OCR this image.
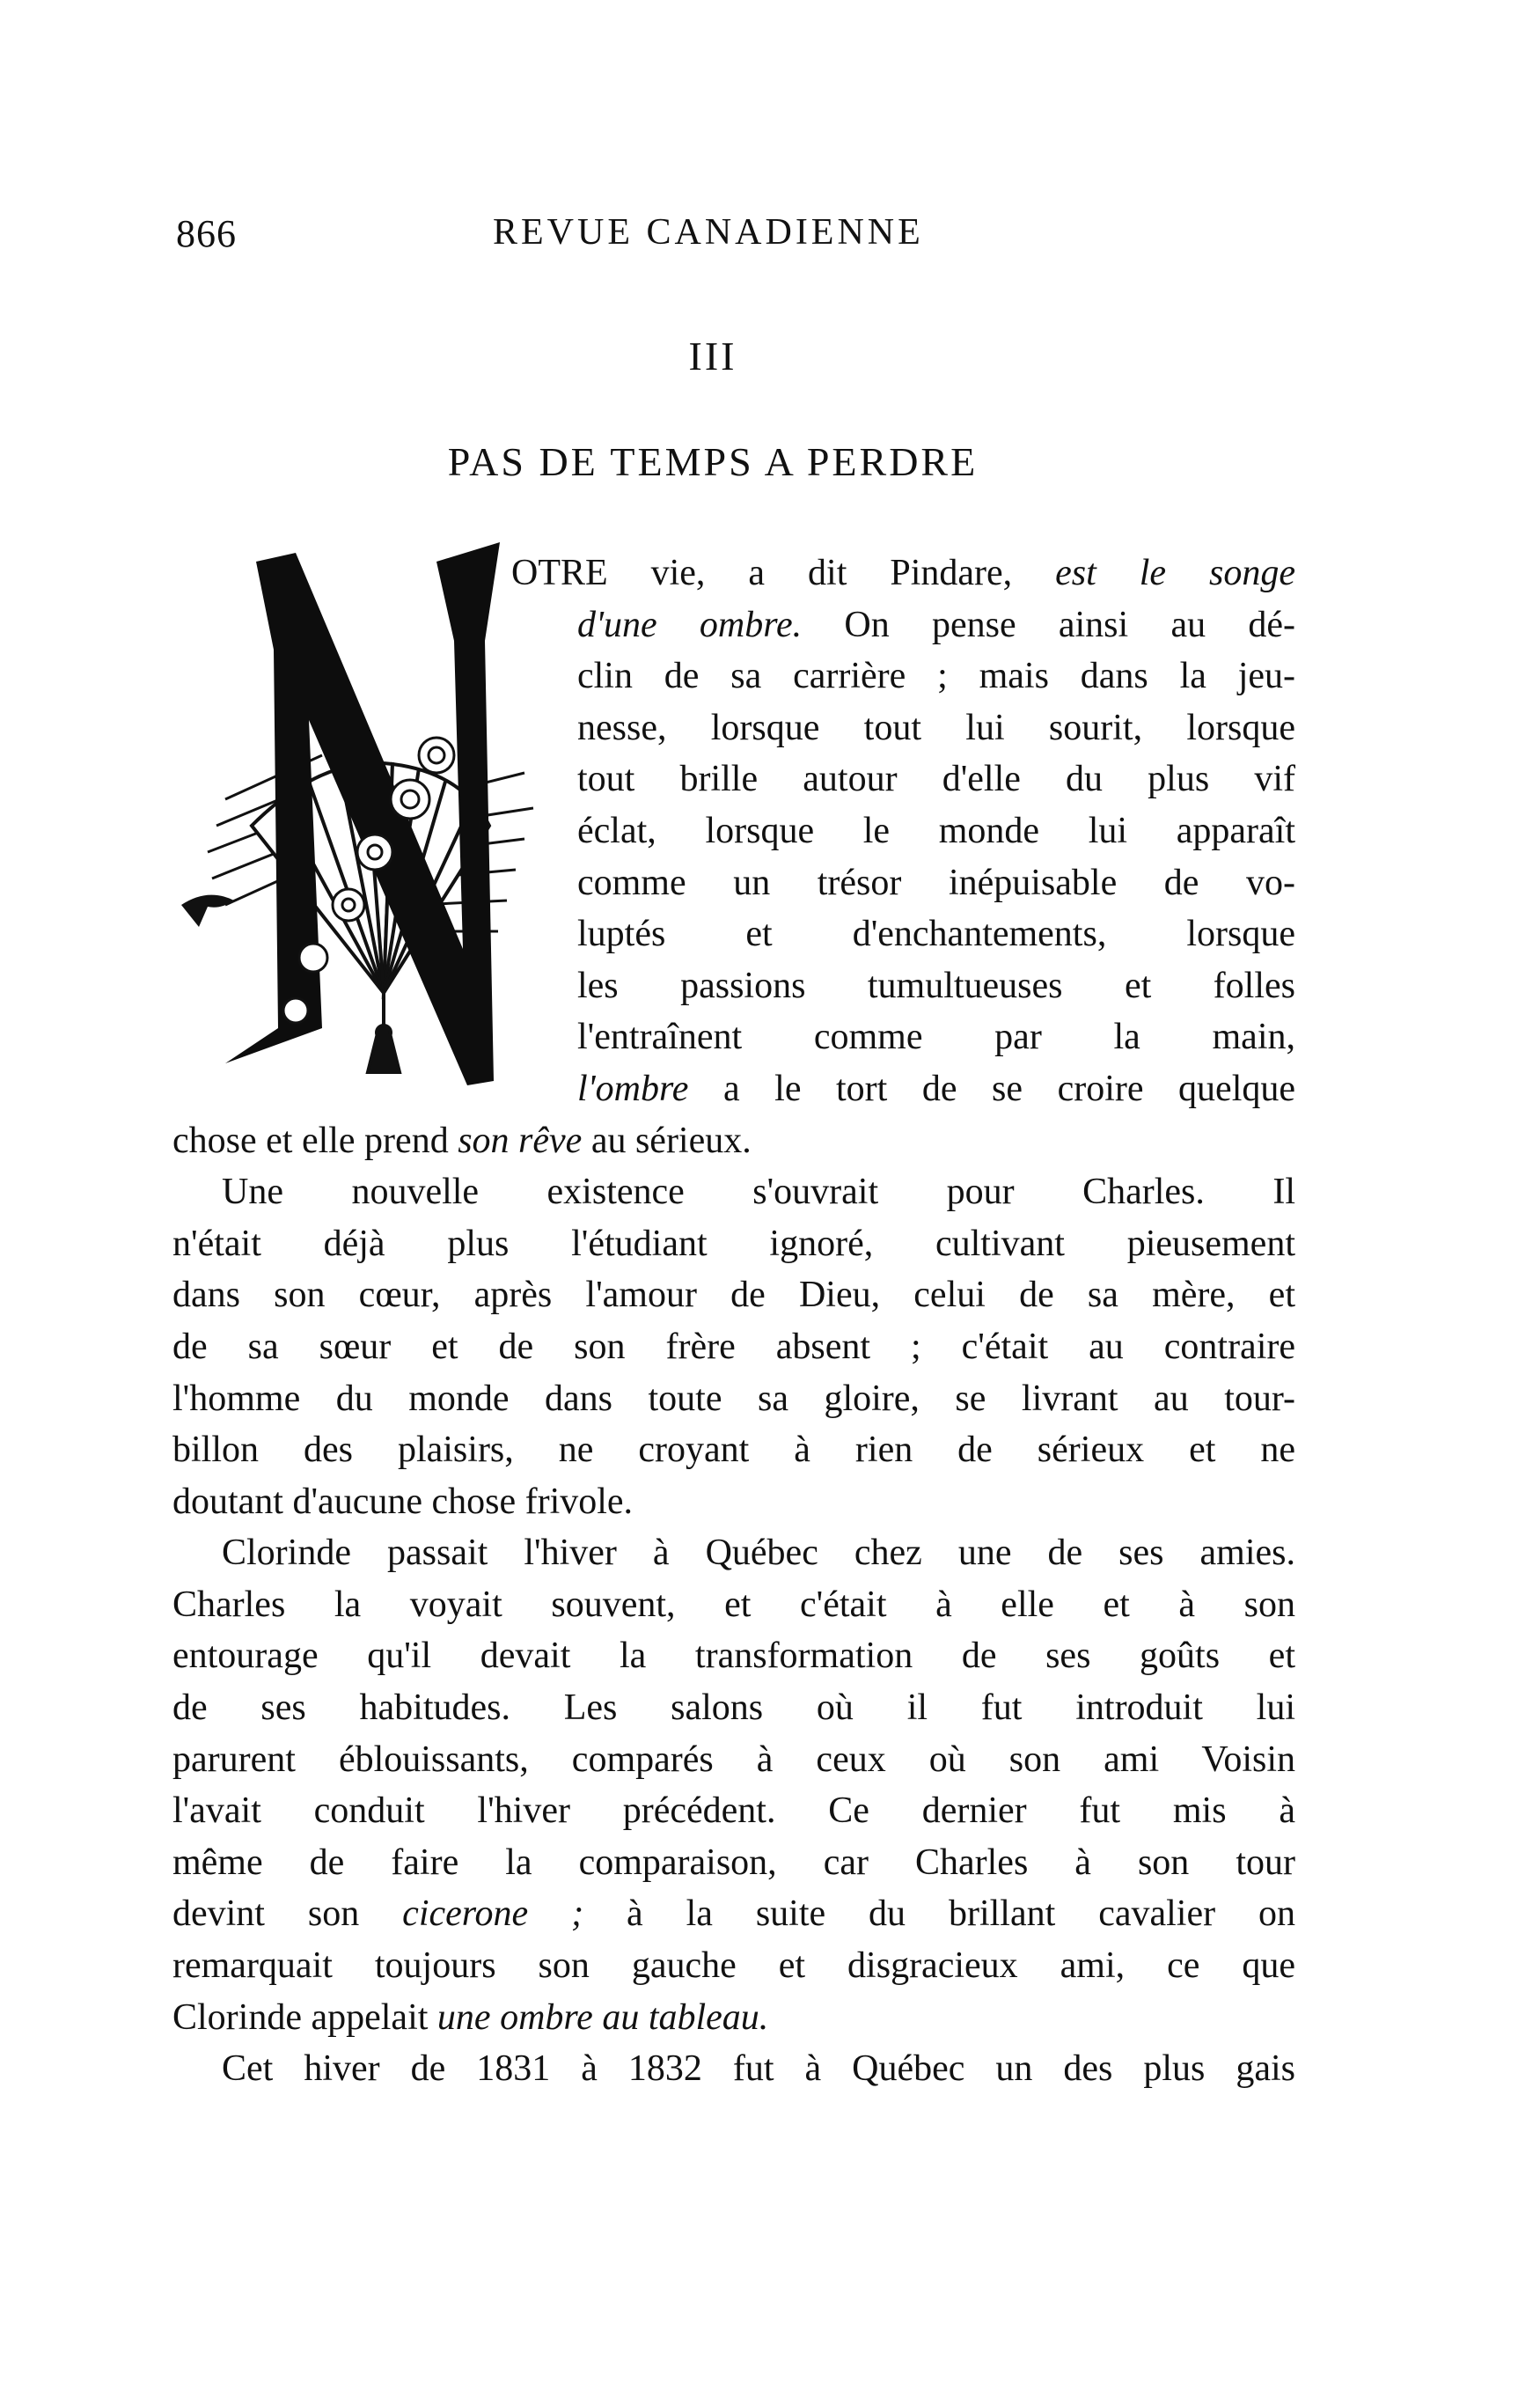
866	REVUE CANADIENNE
III
PAS DE TEMPS A PERDRE
OTRE vie, a dit Pindare, est le songe
d'une ombre. On pense ainsi au dé-
clin de sa carrière ; mais dans la jeu-
nesse, lorsque tout lui sourit, lorsque
tout brille autour d'elle du plus vif
éclat, lorsque le monde lui apparaît
comme un trésor inépuisable de vo-
luptés et d'enchantements, lorsque
les passions tumultueuses et folles
l'entraînent comme par la main,
l'ombre a le tort de se croire quelque
chose et elle prend son rêve au sérieux.
Une nouvelle existence s'ouvrait pour Charles. Il
n'était déjà plus l'étudiant ignoré, cultivant pieusement
dans son cœur, après l'amour de Dieu, celui de sa mère, et
de sa sœur et de son frère absent ; c'était au contraire
l'homme du monde dans toute sa gloire, se livrant au tour-
billon des plaisirs, ne croyant à rien de sérieux et ne
doutant d'aucune chose frivole.
Clorinde passait l'hiver à Québec chez une de ses amies.
Charles la voyait souvent, et c'était à elle et à son
entourage qu'il devait la transformation de ses goûts et
de ses habitudes. Les salons où il fut introduit lui
parurent éblouissants, comparés à ceux où son ami Voisin
l'avait conduit l'hiver précédent. Ce dernier fut mis à
même de faire la comparaison, car Charles à son tour
devint son cicerone ; à la suite du brillant cavalier on
remarquait toujours son gauche et disgracieux ami, ce que
Clorinde appelait une ombre au tableau.
Cet hiver de 1831 à 1832 fut à Québec un des plus gais
